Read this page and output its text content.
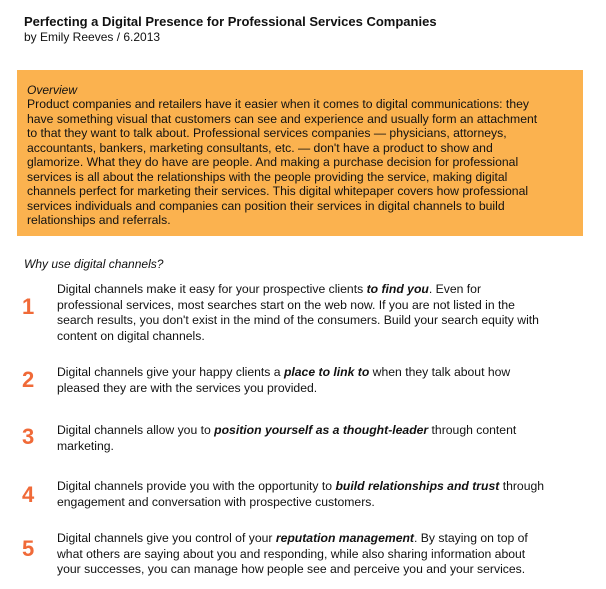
Perfecting a Digital Presence for Professional Services Companies
by Emily Reeves / 6.2013
Overview
Product companies and retailers have it easier when it comes to digital communications: they
have something visual that customers can see and experience and usually form an attachment
to that they want to talk about. Professional services companies — physicians, attorneys,
accountants, bankers, marketing consultants, etc. — don't have a product to show and
glamorize. What they do have are people. And making a purchase decision for professional
services is all about the relationships with the people providing the service, making digital
channels perfect for marketing their services. This digital whitepaper covers how professional
services individuals and companies can position their services in digital channels to build
relationships and referrals.
Why use digital channels?
1
Digital channels make it easy for your prospective clients to find you. Even for
professional services, most searches start on the web now. If you are not listed in the
search results, you don't exist in the mind of the consumers. Build your search equity with
content on digital channels.
2	Digital channels give your happy clients a place to link to when they talk about how
pleased they are with the services you provided.
3	Digital channels allow you to position yourself as a thought-leader through content
marketing.
4	Digital channels provide you with the opportunity to build relationships and trust through
engagement and conversation with prospective customers.
5	Digital channels give you control of your reputation management. By staying on top of
what others are saying about you and responding, while also sharing information about
your successes, you can manage how people see and perceive you and your services.
